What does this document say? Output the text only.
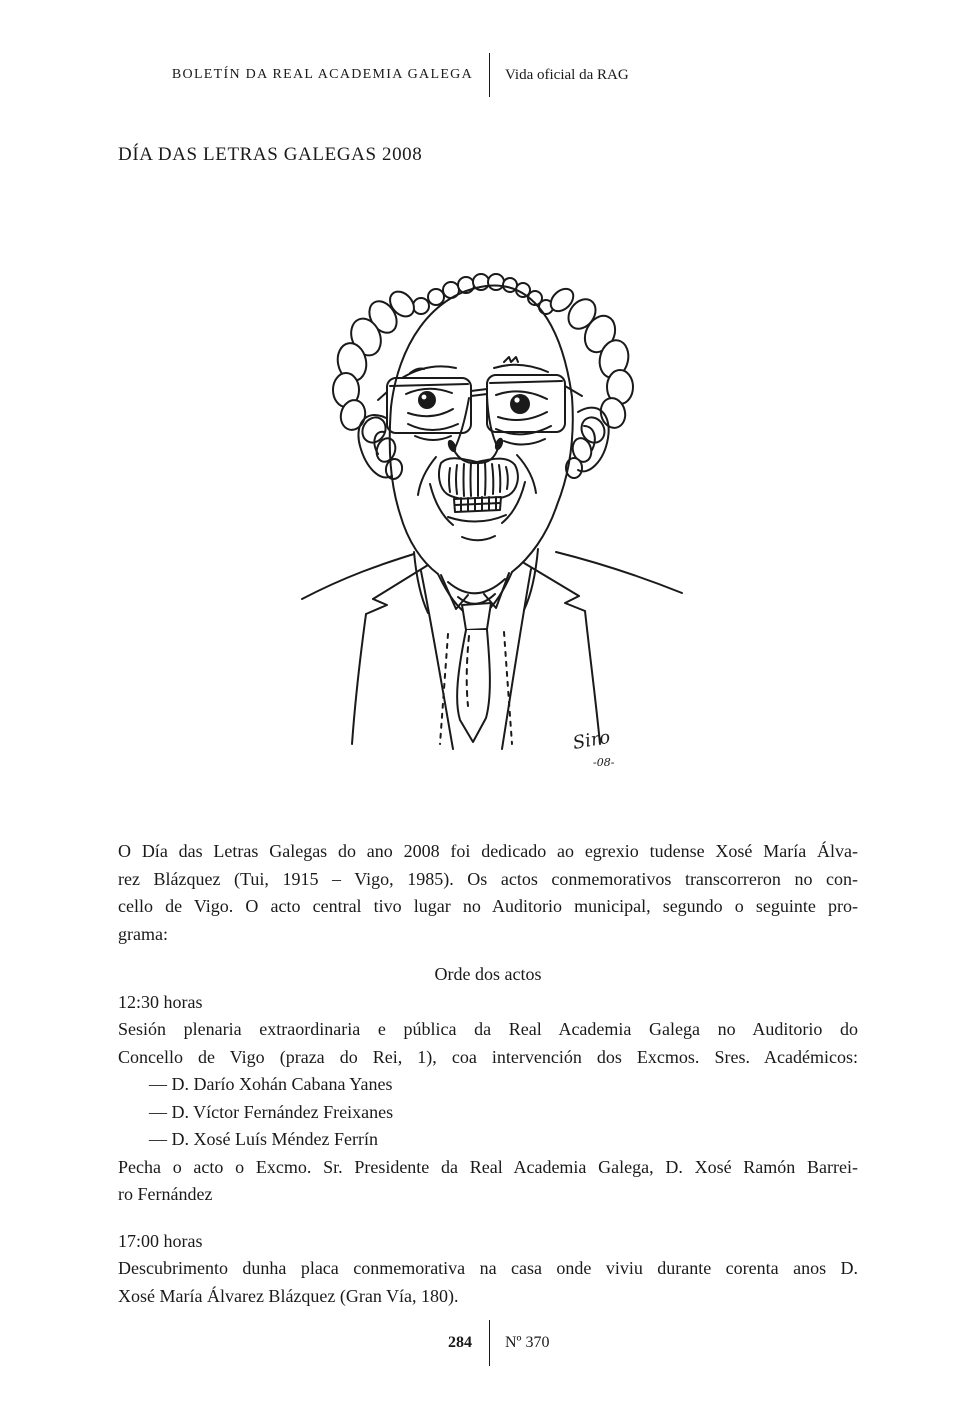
BOLETÍN DA REAL ACADEMIA GALEGA	Vida oficial da RAG
DÍA DAS LETRAS GALEGAS 2008
Siro
-08-
O Día das Letras Galegas do ano 2008 foi dedicado ao egrexio tudense Xosé María Álva-
rez Blázquez (Tui, 1915 – Vigo, 1985). Os actos conmemorativos transcorreron no con-
cello de Vigo. O acto central tivo lugar no Auditorio municipal, segundo o seguinte pro-
grama:
Orde dos actos
12:30 horas
Sesión plenaria extraordinaria e pública da Real Academia Galega no Auditorio do
Concello de Vigo (praza do Rei, 1), coa intervención dos Excmos. Sres. Académicos:
— D. Darío Xohán Cabana Yanes
— D. Víctor Fernández Freixanes
— D. Xosé Luís Méndez Ferrín
Pecha o acto o Excmo. Sr. Presidente da Real Academia Galega, D. Xosé Ramón Barrei-
ro Fernández
17:00 horas
Descubrimento dunha placa conmemorativa na casa onde viviu durante corenta anos D.
Xosé María Álvarez Blázquez (Gran Vía, 180).
284	Nº 370
